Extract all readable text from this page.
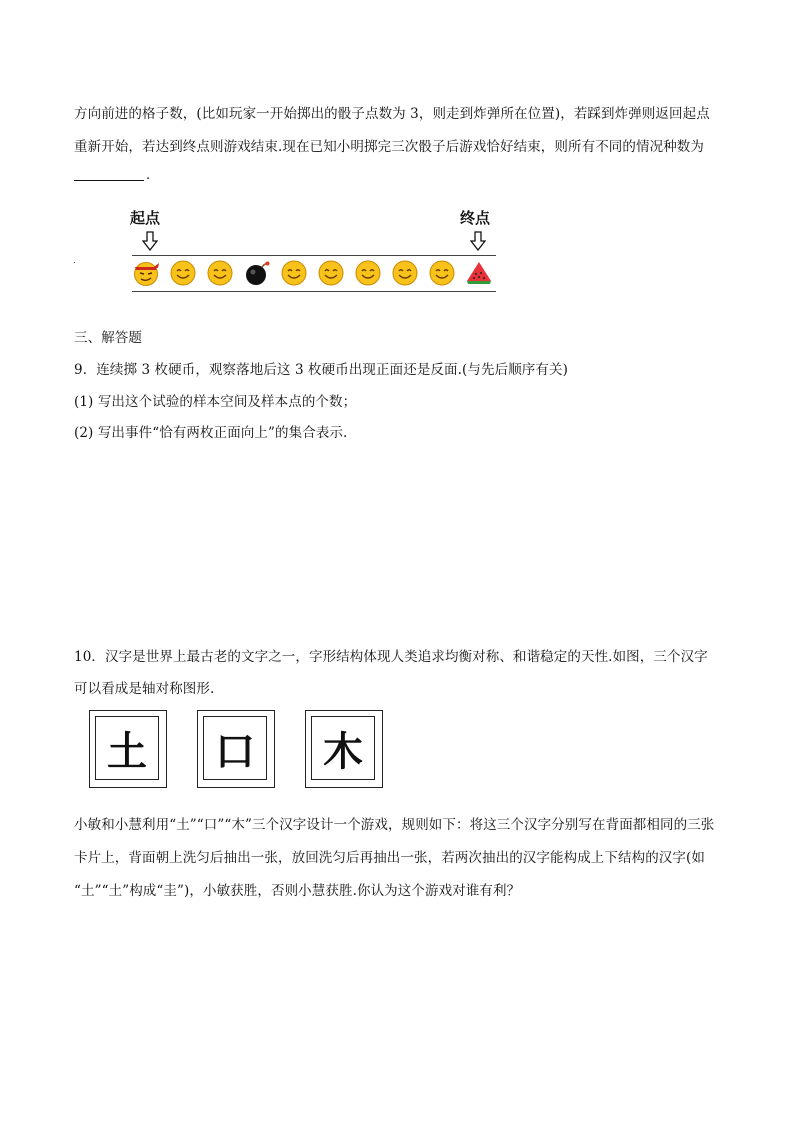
方向前进的格子数，(比如玩家一开始掷出的骰子点数为 3，则走到炸弹所在位置)，若踩到炸弹则返回起点
重新开始，若达到终点则游戏结束.现在已知小明掷完三次骰子后游戏恰好结束，则所有不同的情况种数为
.
.
起点	终点
三、解答题
9．连续掷 3 枚硬币，观察落地后这 3 枚硬币出现正面还是反面.(与先后顺序有关)
(1) 写出这个试验的样本空间及样本点的个数；
(2) 写出事件“恰有两枚正面向上”的集合表示.
10．汉字是世界上最古老的文字之一，字形结构体现人类追求均衡对称、和谐稳定的天性.如图，三个汉字
可以看成是轴对称图形.
土 口 木
小敏和小慧利用“土”“口”“木”三个汉字设计一个游戏，规则如下：将这三个汉字分别写在背面都相同的三张
卡片上，背面朝上洗匀后抽出一张，放回洗匀后再抽出一张，若两次抽出的汉字能构成上下结构的汉字(如
“土”“土”构成“圭”)，小敏获胜，否则小慧获胜.你认为这个游戏对谁有利？
